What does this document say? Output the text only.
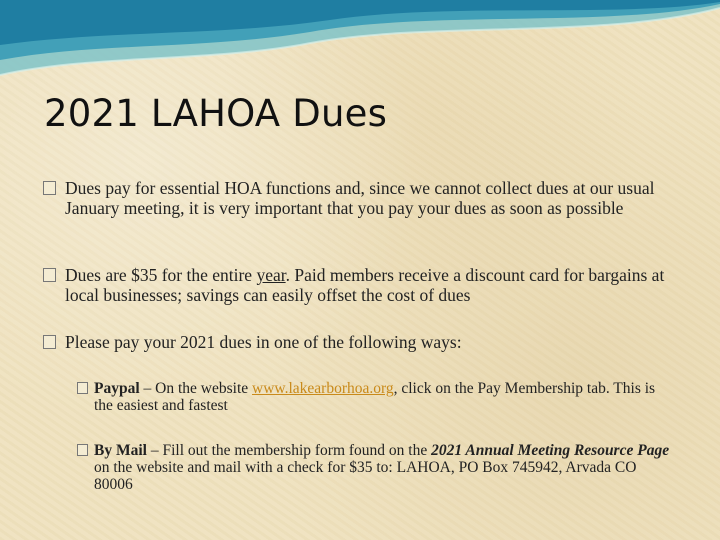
2021 LAHOA Dues
Dues pay for essential HOA functions and, since we cannot collect dues at our usual January meeting, it is very important that you pay your dues as soon as possible
Dues are $35 for the entire year. Paid members receive a discount card for bargains at local businesses; savings can easily offset the cost of dues
Please pay your 2021 dues in one of the following ways:
Paypal – On the website www.lakearborhoa.org, click on the Pay Membership tab. This is the easiest and fastest
By Mail – Fill out the membership form found on the 2021 Annual Meeting Resource Page on the website and mail with a check for $35 to: LAHOA, PO Box 745942, Arvada CO 80006
